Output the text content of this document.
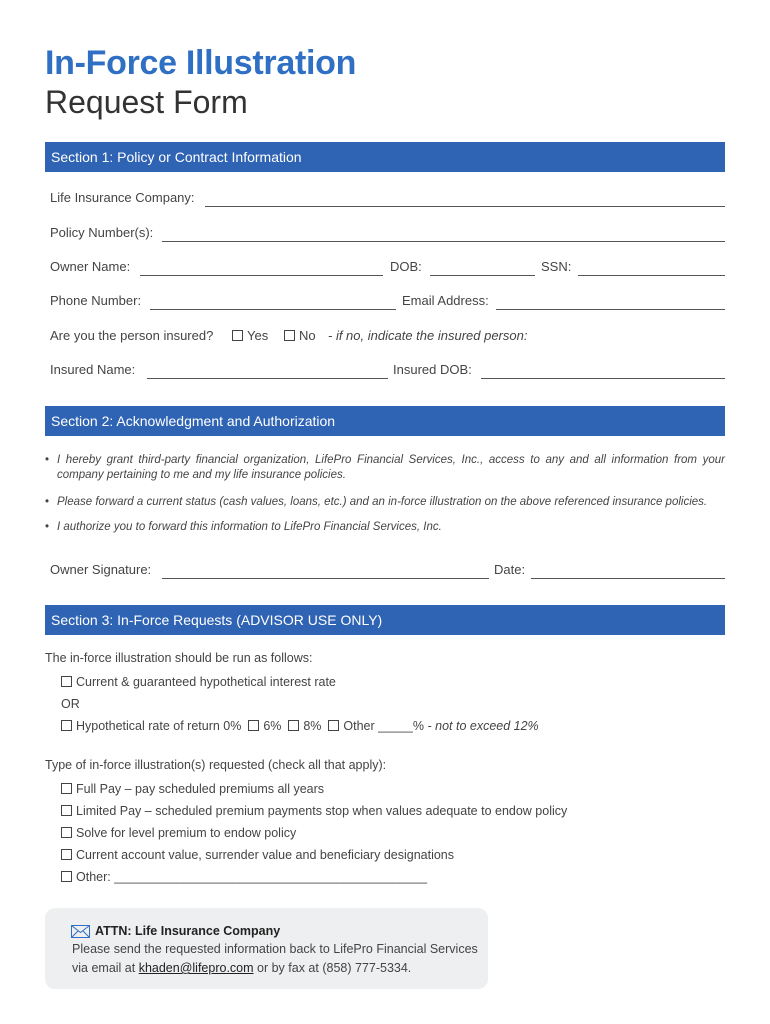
In-Force Illustration
Request Form
Section 1: Policy or Contract Information
Life Insurance Company:
Policy Number(s):
Owner Name:	DOB:	SSN:
Phone Number:	Email Address:
Are you the person insured?	Yes	No - if no, indicate the insured person:
Insured Name:	Insured DOB:
Section 2: Acknowledgment and Authorization
• I hereby grant third-party financial organization, LifePro Financial Services, Inc., access to any and all information from your company pertaining to me and my life insurance policies.
• Please forward a current status (cash values, loans, etc.) and an in-force illustration on the above referenced insurance policies.
• I authorize you to forward this information to LifePro Financial Services, Inc.
Owner Signature:	Date:
Section 3: In-Force Requests (ADVISOR USE ONLY)
The in-force illustration should be run as follows:
Current & guaranteed hypothetical interest rate
OR
Hypothetical rate of return 0% 6% 8% Other _____% - not to exceed 12%
Type of in-force illustration(s) requested (check all that apply):
Full Pay – pay scheduled premiums all years
Limited Pay – scheduled premium payments stop when values adequate to endow policy
Solve for level premium to endow policy
Current account value, surrender value and beneficiary designations
Other: _____________________________________________
ATTN: Life Insurance Company
Please send the requested information back to LifePro Financial Services
via email at khaden@lifepro.com or by fax at (858) 777-5334.
